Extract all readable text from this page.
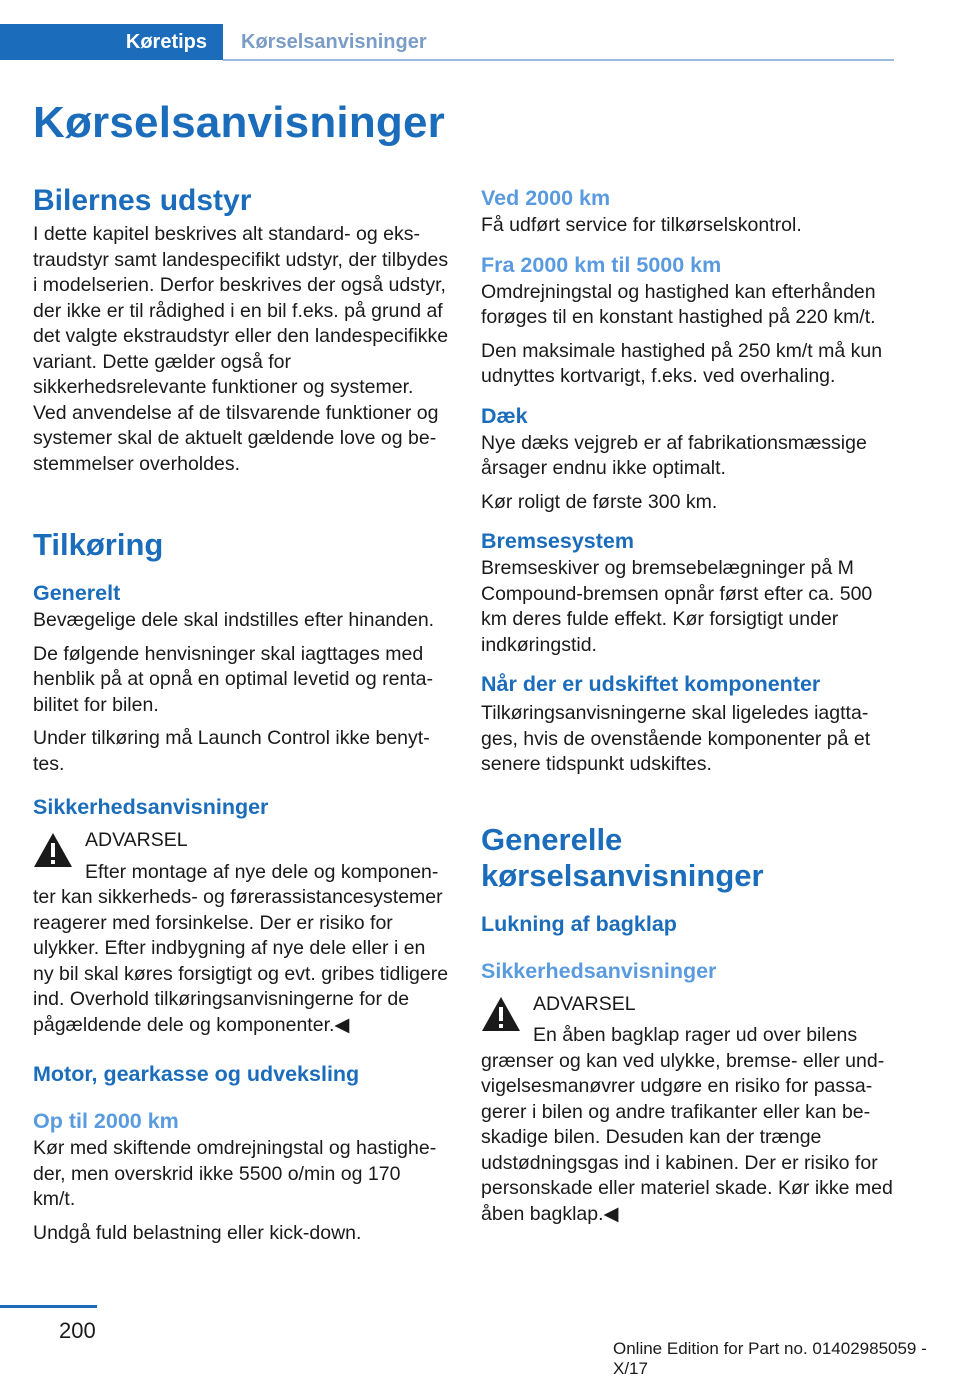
Køretips	Kørselsanvisninger
Kørselsanvisninger
Bilernes udstyr

I dette kapitel beskrives alt standard- og ekstraudstyr samt landespecifikt udstyr, der tilbydes i modelserien. Derfor beskrives der også udstyr, der ikke er til rådighed i en bil f.eks. på grund af det valgte ekstraudstyr eller den landespecifikke variant. Dette gælder også for sikkerhedsrelevante funktioner og systemer. Ved anvendelse af de tilsvarende funktioner og systemer skal de aktuelt gældende love og bestemmelser overholdes.

Tilkøring
Generelt

Bevægelige dele skal indstilles efter hinanden.

De følgende henvisninger skal iagttages med henblik på at opnå en optimal levetid og rentabilitet for bilen.

Under tilkøring må Launch Control ikke benyttes.

Sikkerhedsanvisninger
ADVARSEL

Efter montage af nye dele og komponenter kan sikkerheds- og førerassistancesystemer reagerer med forsinkelse. Der er risiko for ulykker. Efter indbygning af nye dele eller i en ny bil skal køres forsigtigt og evt. gribes tidligere ind. Overhold tilkøringsanvisningerne for de pågældende dele og komponenter.◀

Motor, gearkasse og udveksling
Op til 2000 km

Kør med skiftende omdrejningstal og hastigheder, men overskrid ikke 5500 o/min og 170 km/t.

Undgå fuld belastning eller kick-down.

Ved 2000 km

Få udført service for tilkørselskontrol.

Fra 2000 km til 5000 km

Omdrejningstal og hastighed kan efterhånden forøges til en konstant hastighed på 220 km/t.

Den maksimale hastighed på 250 km/t må kun udnyttes kortvarigt, f.eks. ved overhaling.

Dæk

Nye dæks vejgreb er af fabrikationsmæssige årsager endnu ikke optimalt.

Kør roligt de første 300 km.

Bremsesystem

Bremseskiver og bremsebelægninger på M Compound-bremsen opnår først efter ca. 500 km deres fulde effekt. Kør forsigtigt under indkøringstid.

Når der er udskiftet komponenter

Tilkøringsanvisningerne skal ligeledes iagttages, hvis de ovenstående komponenter på et senere tidspunkt udskiftes.

Generelle kørselsanvisninger
Lukning af bagklap
Sikkerhedsanvisninger
ADVARSEL

En åben bagklap rager ud over bilens grænser og kan ved ulykke, bremse- eller undvigelsesmanøvrer udgøre en risiko for passagerer i bilen og andre trafikanter eller kan beskadige bilen. Desuden kan der trænge udstødningsgas ind i kabinen. Der er risiko for personskade eller materiel skade. Kør ikke med åben bagklap.◀

200
Online Edition for Part no. 01402985059 - X/17
